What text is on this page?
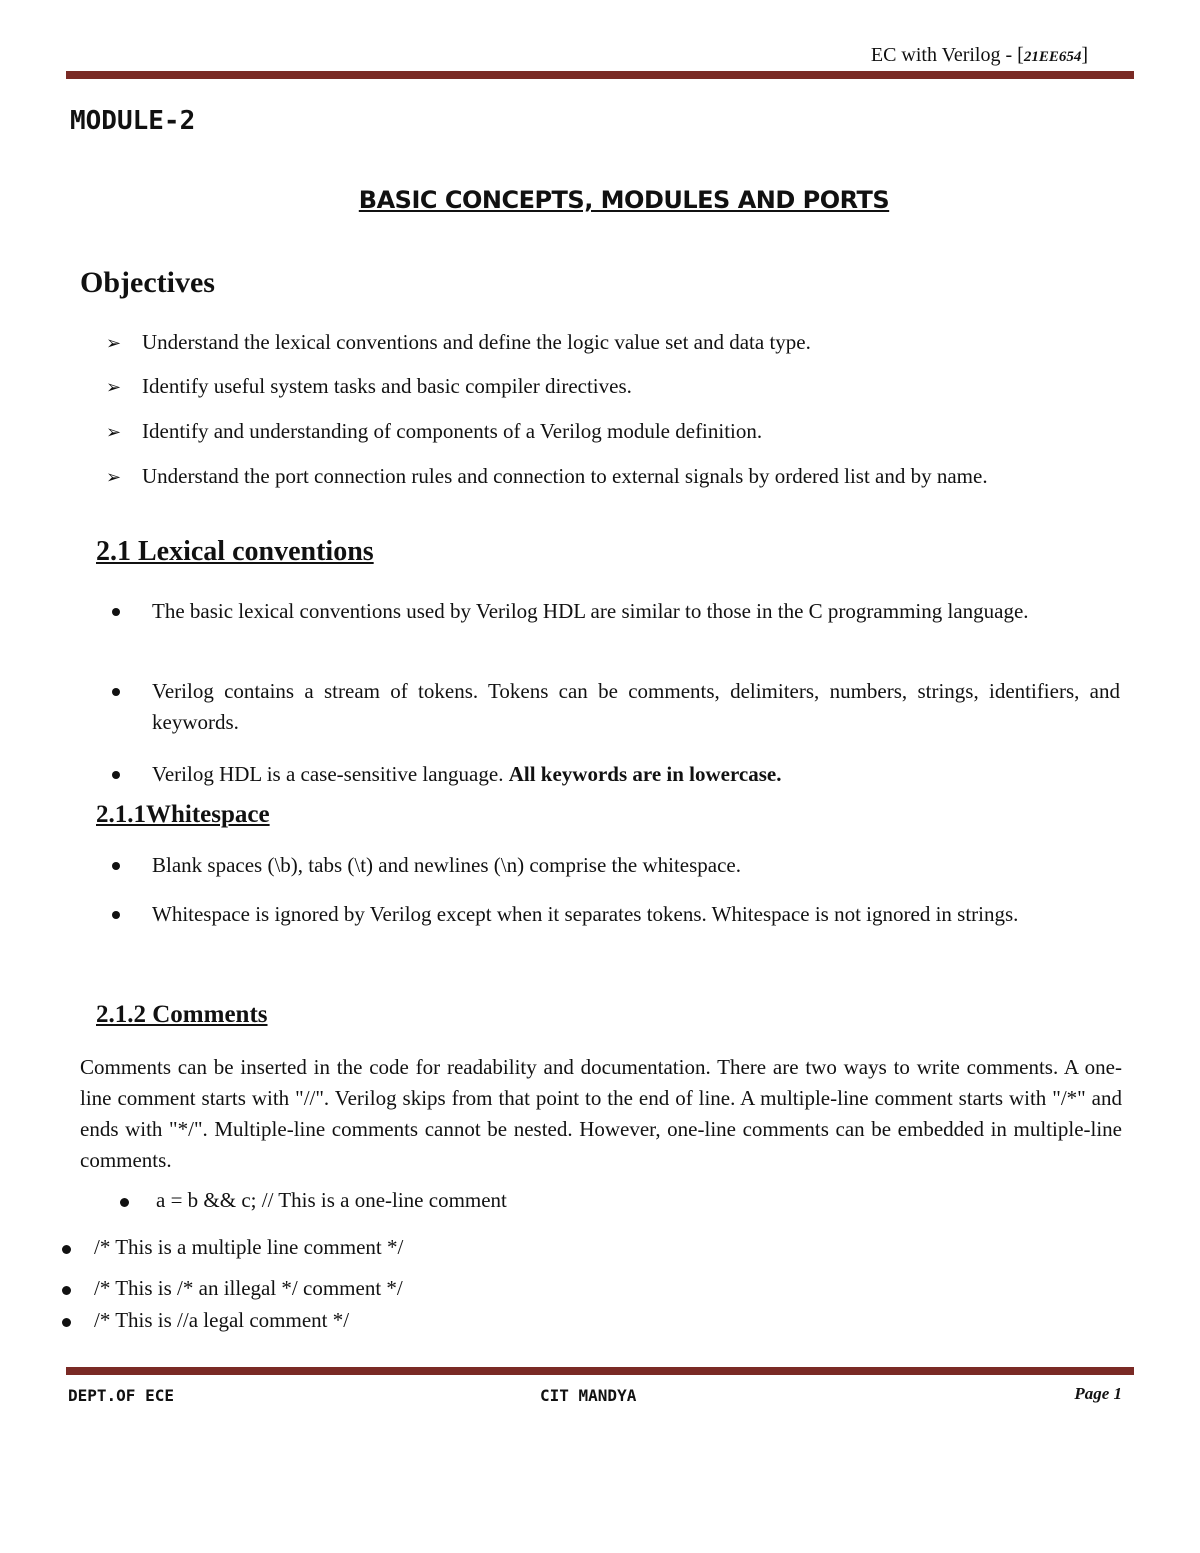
EC with Verilog - [21EE654]
MODULE-2
BASIC CONCEPTS, MODULES AND PORTS
Objectives
➢ Understand the lexical conventions and define the logic value set and data type.
➢ Identify useful system tasks and basic compiler directives.
➢ Identify and understanding of components of a Verilog module definition.
➢ Understand the port connection rules and connection to external signals by ordered list and by name.
2.1 Lexical conventions
The basic lexical conventions used by Verilog HDL are similar to those in the C programming language.
Verilog contains a stream of tokens. Tokens can be comments, delimiters, numbers, strings, identifiers, and keywords.
Verilog HDL is a case-sensitive language. All keywords are in lowercase.
2.1.1Whitespace
Blank spaces (\b), tabs (\t) and newlines (\n) comprise the whitespace.
Whitespace is ignored by Verilog except when it separates tokens. Whitespace is not ignored in strings.
2.1.2 Comments
Comments can be inserted in the code for readability and documentation. There are two ways to write comments. A one-line comment starts with "//". Verilog skips from that point to the end of line. A multiple-line comment starts with "/*" and ends with "*/". Multiple-line comments cannot be nested. However, one-line comments can be embedded in multiple-line comments.
a = b && c; // This is a one-line comment
/* This is a multiple line comment */
/* This is /* an illegal */ comment */
/* This is //a legal comment */
DEPT.OF ECE	CIT MANDYA	Page 1
